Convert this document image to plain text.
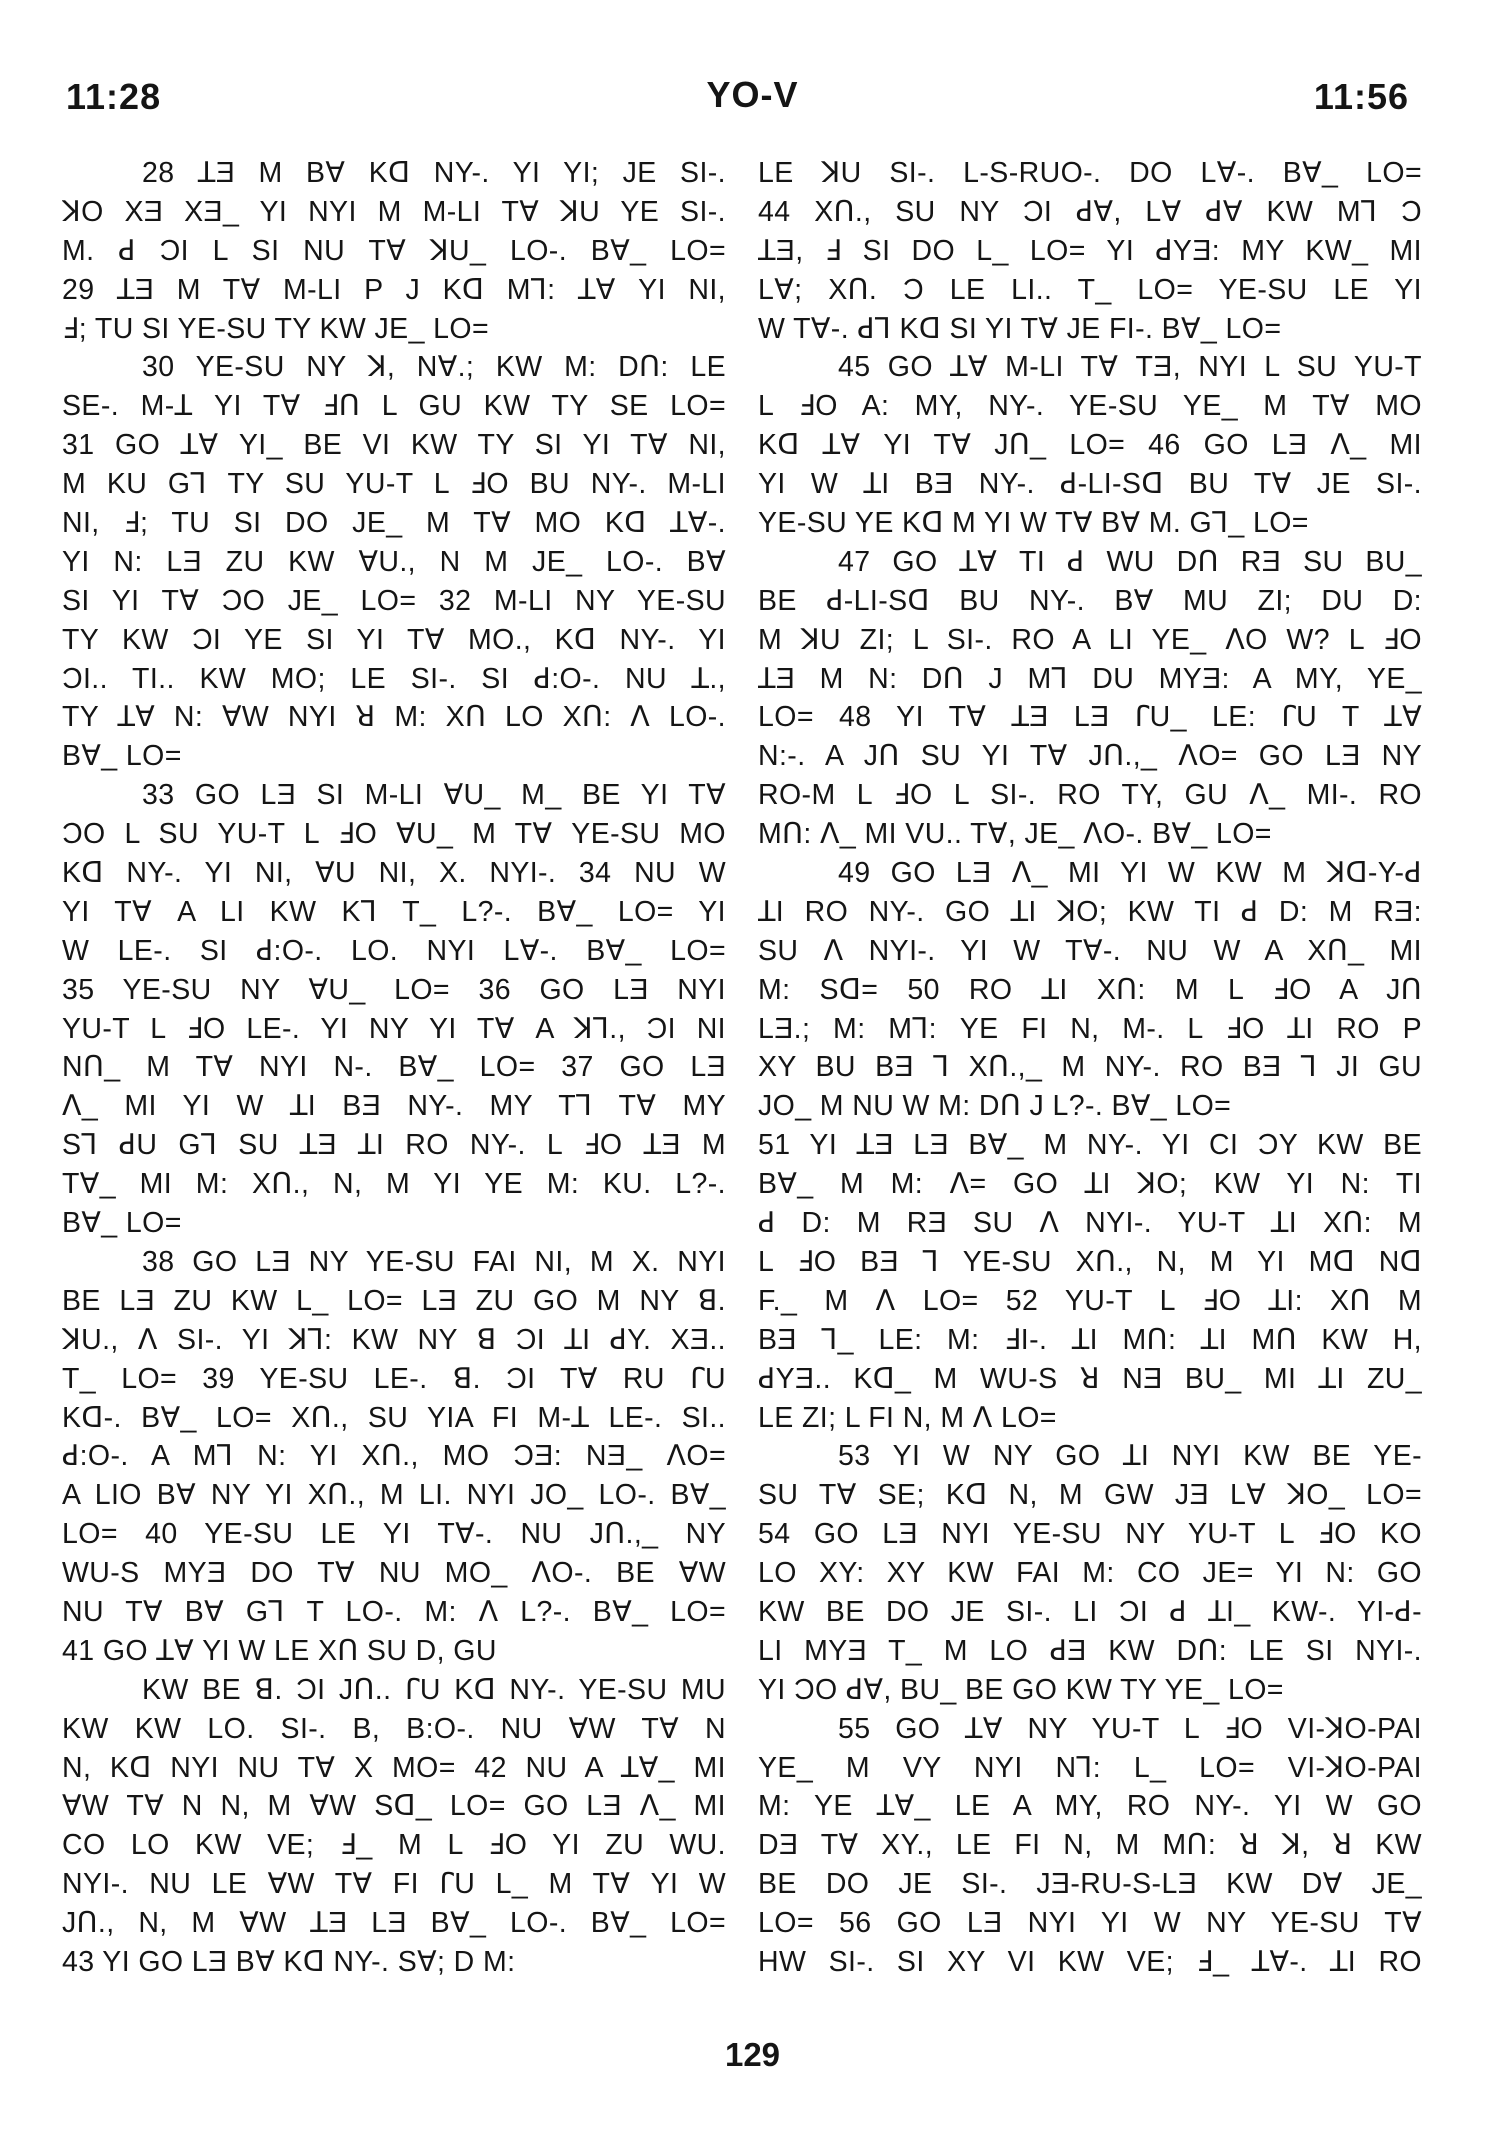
11:28	YO-V	11:56
28 ꓕƎ M Bꓯ Kᗡ NY-. YI YI; JE SI-.
ꓘO XƎ XƎ_ YI NYI M M-LI Tꓯ ꓘU YE SI-.
M. ꓒ ƆI L SI NU Tꓯ ꓘU_ LO-. Bꓯ_ LO=
29 ꓕƎ M Tꓯ M-LI P J Kᗡ Mꓶ: ꓕꓯ YI NI,
Ⅎ; TU SI YE-SU TY KW JE_ LO=
30 YE-SU NY ꓘ, Nꓯ.; KW M: Dꓵ: LE
SE-. M-ꓕ YI Tꓯ ꓞꓵ L GU KW TY SE LO=
31 GO ꓕꓯ YI_ BE VI KW TY SI YI Tꓯ NI,
M KU Gꓶ TY SU YU-T L ꓞO BU NY-. M-LI
NI, Ⅎ; TU SI DO JE_ M Tꓯ MO Kᗡ ꓕꓯ-.
YI N: LƎ ZU KW ꓯU., N M JE_ LO-. Bꓯ
SI YI Tꓯ ƆO JE_ LO= 32 M-LI NY YE-SU
TY KW ƆI YE SI YI Tꓯ MO., Kᗡ NY-. YI
ƆI.. TI.. KW MO; LE SI-. SI ꓒ:O-. NU ꓕ.,
TY ꓕꓯ N: ꓯW NYI ꓤ M: Xꓵ LO Xꓵ: ꓥ LO-.
Bꓯ_ LO=
33 GO LƎ SI M-LI ꓯU_ M_ BE YI Tꓯ
ƆO L SU YU-T L ꓞO ꓯU_ M Tꓯ YE-SU MO
Kᗡ NY-. YI NI, ꓯU NI, X. NYI-. 34 NU W
YI Tꓯ A LI KW Kꓶ T_ L?-. Bꓯ_ LO= YI
W LE-. SI ꓒ:O-. LO. NYI Lꓯ-. Bꓯ_ LO=
35 YE-SU NY ꓯU_ LO= 36 GO LƎ NYI
YU-T L ꓞO LE-. YI NY YI Tꓯ A ꓘꓶ., ƆI NI
Nꓵ_ M Tꓯ NYI N-. Bꓯ_ LO= 37 GO LƎ
ꓥ_ MI YI W ꓕI BƎ NY-. MY Tꓶ Tꓯ MY
Sꓶ ꓒU Gꓶ SU ꓕƎ ꓕI RO NY-. L ꓞO ꓕƎ M
Tꓯ_ MI M: Xꓵ., N, M YI YE M: KU. L?-.
Bꓯ_ LO=
38 GO LƎ NY YE-SU FAI NI, M X. NYI
BE LƎ ZU KW L_ LO= LƎ ZU GO M NY ꓭ.
ꓘU., ꓥ SI-. YI ꓘꓶ: KW NY ꓭ ƆI ꓕI ꓒY. XƎ..
T_ LO= 39 YE-SU LE-. ꓭ. ƆI Tꓯ RU ꓩU
Kᗡ-. Bꓯ_ LO= Xꓵ., SU YIA FI M-ꓕ LE-. SI..
ꓒ:O-. A Mꓶ N: YI Xꓵ., MO ƆƎ: NƎ_ ꓥO=
A LIO Bꓯ NY YI Xꓵ., M LI. NYI JO_ LO-. Bꓯ_
LO= 40 YE-SU LE YI Tꓯ-. NU Jꓵ.,_ NY
WU-S MYƎ DO Tꓯ NU MO_ ꓥO-. BE ꓯW
NU Tꓯ Bꓯ Gꓶ T LO-. M: ꓥ L?-. Bꓯ_ LO=
41 GO ꓕꓯ YI W LE Xꓵ SU D, GU
KW BE ꓭ. ƆI Jꓵ.. ꓩU Kᗡ NY-. YE-SU MU
KW KW LO. SI-. B, B:O-. NU ꓯW Tꓯ N
N, Kᗡ NYI NU Tꓯ X MO= 42 NU A ꓕꓯ_ MI
ꓯW Tꓯ N N, M ꓯW Sᗡ_ LO= GO LƎ ꓥ_ MI
CO LO KW VE; Ⅎ_ M L ꓞO YI ZU WU.
NYI-. NU LE ꓯW Tꓯ FI ꓩU L_ M Tꓯ YI W
Jꓵ., N, M ꓯW ꓕƎ LƎ Bꓯ_ LO-. Bꓯ_ LO=
43 YI GO LƎ Bꓯ Kᗡ NY-. Sꓯ; D M:
LE ꓘU SI-. L-S-RUO-. DO Lꓯ-. Bꓯ_ LO=
44 Xꓵ., SU NY ƆI ꓒꓯ, Lꓯ ꓒꓯ KW Mꓶ Ɔ
ꓕƎ, Ⅎ SI DO L_ LO= YI ꓒYƎ: MY KW_ MI
Lꓯ; Xꓵ. Ɔ LE LI.. T_ LO= YE-SU LE YI
W Tꓯ-. ꓒꓶ Kᗡ SI YI Tꓯ JE FI-. Bꓯ_ LO=
45 GO ꓕꓯ M-LI Tꓯ TƎ, NYI L SU YU-T
L ꓞO A: MY, NY-. YE-SU YE_ M Tꓯ MO
Kᗡ ꓕꓯ YI Tꓯ Jꓵ_ LO= 46 GO LƎ ꓥ_ MI
YI W ꓕI BƎ NY-. ꓒ-LI-Sᗡ BU Tꓯ JE SI-.
YE-SU YE Kᗡ M YI W Tꓯ Bꓯ M. Gꓶ_ LO=
47 GO ꓕꓯ TI ꓒ WU Dꓵ RƎ SU BU_
BE ꓒ-LI-Sᗡ BU NY-. Bꓯ MU ZI; DU D:
M ꓘU ZI; L SI-. RO A LI YE_ ꓥO W? L ꓞO
ꓕƎ M N: Dꓵ J Mꓶ DU MYƎ: A MY, YE_
LO= 48 YI Tꓯ ꓕƎ LƎ ꓩU_ LE: ꓩU T ꓕꓯ
N:-. A Jꓵ SU YI Tꓯ Jꓵ.,_ ꓥO= GO LƎ NY
RO-M L ꓞO L SI-. RO TY, GU ꓥ_ MI-. RO
Mꓵ: ꓥ_ MI VU.. Tꓯ, JE_ ꓥO-. Bꓯ_ LO=
49 GO LƎ ꓥ_ MI YI W KW M ꓘᗡ-Y-ꓒ
ꓕI RO NY-. GO ꓕI ꓘO; KW TI ꓒ D: M RƎ:
SU ꓥ NYI-. YI W Tꓯ-. NU W A Xꓵ_ MI
M: Sᗡ= 50 RO ꓕI Xꓵ: M L ꓞO A Jꓵ
LƎ.; M: Mꓶ: YE FI N, M-. L ꓞO ꓕI RO P
XY BU BƎ ꓶ Xꓵ.,_ M NY-. RO BƎ ꓶ JI GU
JO_ M NU W M: Dꓵ J L?-. Bꓯ_ LO=
51 YI ꓕƎ LƎ Bꓯ_ M NY-. YI CI ƆY KW BE
Bꓯ_ M M: ꓥ= GO ꓕI ꓘO; KW YI N: TI
ꓒ D: M RƎ SU ꓥ NYI-. YU-T ꓕI Xꓵ: M
L ꓞO BƎ ꓶ YE-SU Xꓵ., N, M YI Mᗡ Nᗡ
F._ M ꓥ LO= 52 YU-T L ꓞO ꓕI: Xꓵ M
BƎ ꓶ_ LE: M: ꓞI-. ꓕI Mꓵ: ꓕI Mꓵ KW H,
ꓒYƎ.. Kᗡ_ M WU-S ꓤ NƎ BU_ MI ꓕI ZU_
LE ZI; L FI N, M ꓥ LO=
53 YI W NY GO ꓕI NYI KW BE YE-
SU Tꓯ SE; Kᗡ N, M GW JƎ Lꓯ ꓘO_ LO=
54 GO LƎ NYI YE-SU NY YU-T L ꓞO KO
LO XY: XY KW FAI M: CO JE= YI N: GO
KW BE DO JE SI-. LI ƆI ꓒ ꓕI_ KW-. YI-ꓒ-
LI MYƎ T_ M LO ꓒƎ KW Dꓵ: LE SI NYI-.
YI ƆO ꓒꓯ, BU_ BE GO KW TY YE_ LO=
55 GO ꓕꓯ NY YU-T L ꓞO VI-ꓘO-PAI
YE_ M VY NYI Nꓶ: L_ LO= VI-ꓘO-PAI
M: YE ꓕꓯ_ LE A MY, RO NY-. YI W GO
DƎ Tꓯ XY., LE FI N, M Mꓵ: ꓤ ꓘ, ꓤ KW
BE DO JE SI-. JƎ-RU-S-LƎ KW Dꓯ JE_
LO= 56 GO LƎ NYI YI W NY YE-SU Tꓯ
HW SI-. SI XY VI KW VE; Ⅎ_ ꓕꓯ-. ꓕI RO
129
